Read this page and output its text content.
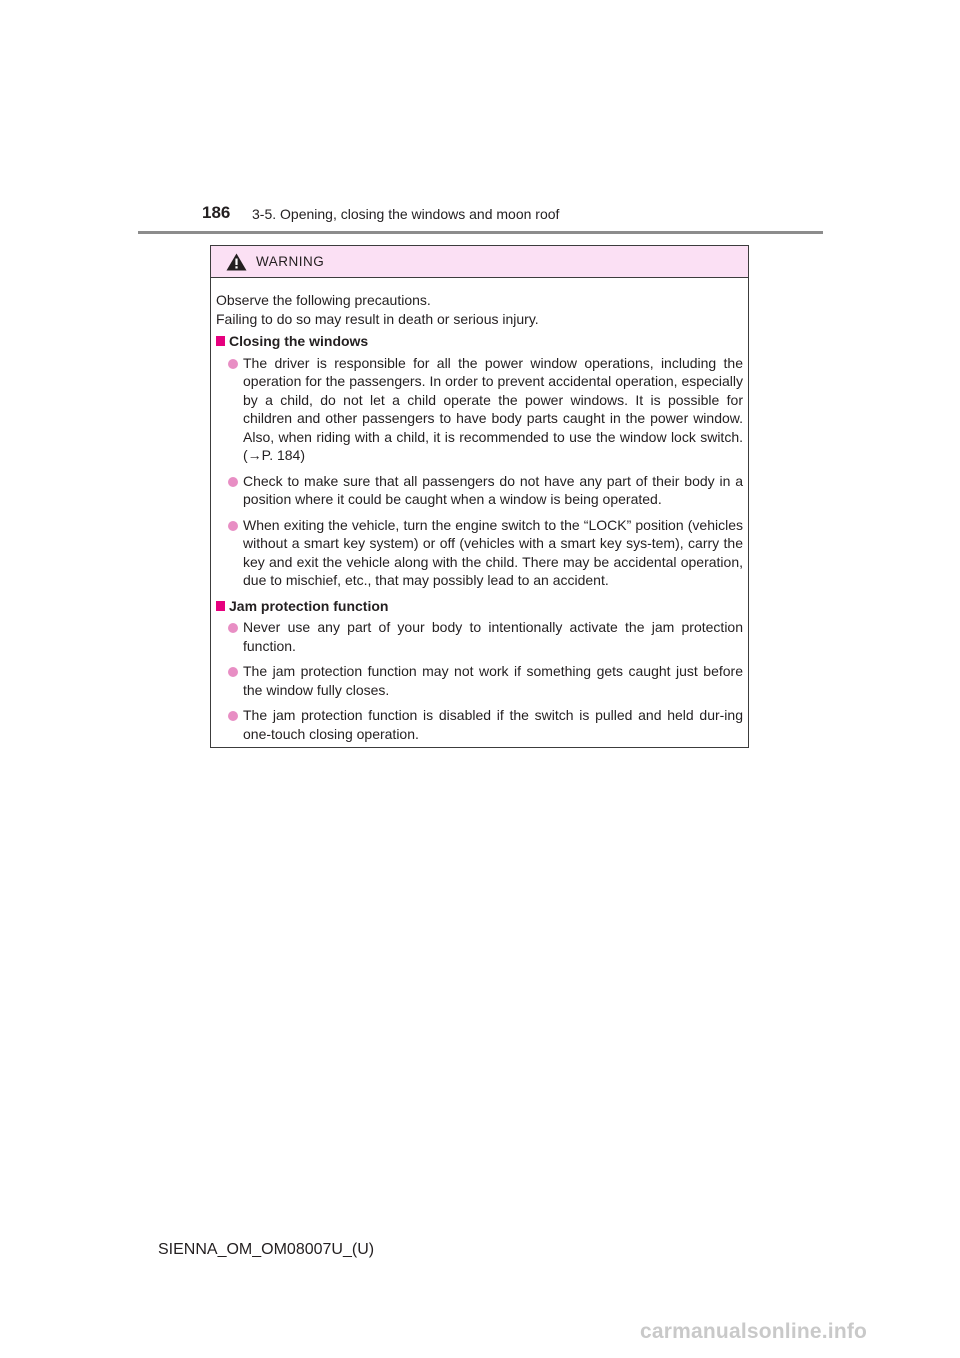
186 3-5. Opening, closing the windows and moon roof
WARNING

Observe the following precautions.

Failing to do so may result in death or serious injury.

Closing the windows
The driver is responsible for all the power window operations, including the operation for the passengers. In order to prevent accidental operation, especially by a child, do not let a child operate the power windows. It is possible for children and other passengers to have body parts caught in the power window. Also, when riding with a child, it is recommended to use the window lock switch. (→P. 184)
Check to make sure that all passengers do not have any part of their body in a position where it could be caught when a window is being operated.
When exiting the vehicle, turn the engine switch to the “LOCK” position (vehicles without a smart key system) or off (vehicles with a smart key sys-tem), carry the key and exit the vehicle along with the child. There may be accidental operation, due to mischief, etc., that may possibly lead to an accident.
Jam protection function
Never use any part of your body to intentionally activate the jam protection function.
The jam protection function may not work if something gets caught just before the window fully closes.
The jam protection function is disabled if the switch is pulled and held dur-ing one-touch closing operation.
SIENNA_OM_OM08007U_(U)
carmanualsonline.info
